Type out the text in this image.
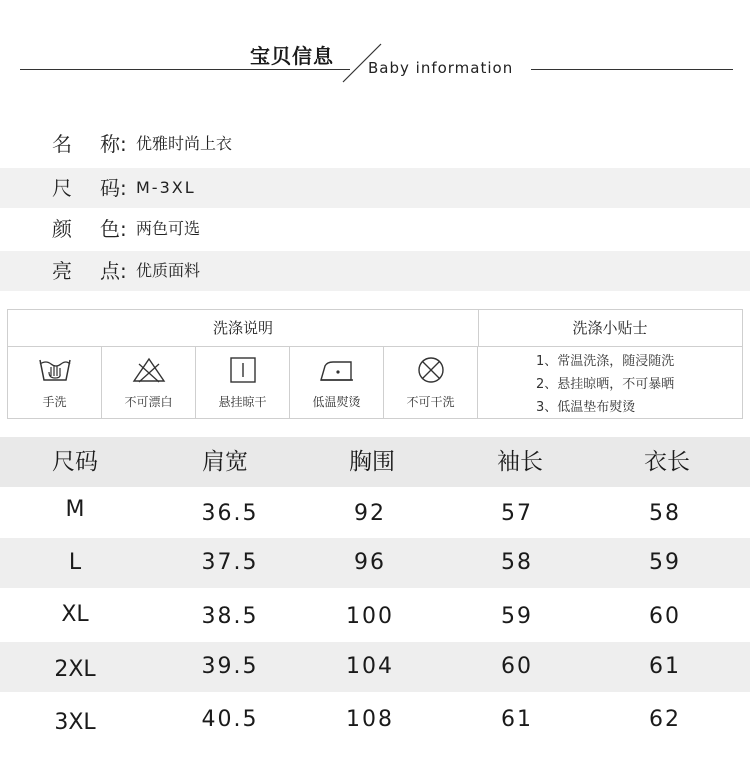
宝贝信息 Baby information
名 称: 优雅时尚上衣
尺 码: M-3XL
颜 色: 两色可选
亮 点: 优质面料
洗涤说明	洗涤小贴士
手洗	不可漂白	悬挂晾干	低温熨烫	不可干洗
1、常温洗涤，随浸随洗
2、悬挂晾晒，不可暴晒
3、低温垫布熨烫
尺码	肩宽	胸围	袖长	衣长
M	36.5	92	57	58
L	37.5	96	58	59
XL	38.5	100	59	60
2XL	39.5	104	60	61
3XL	40.5	108	61	62
